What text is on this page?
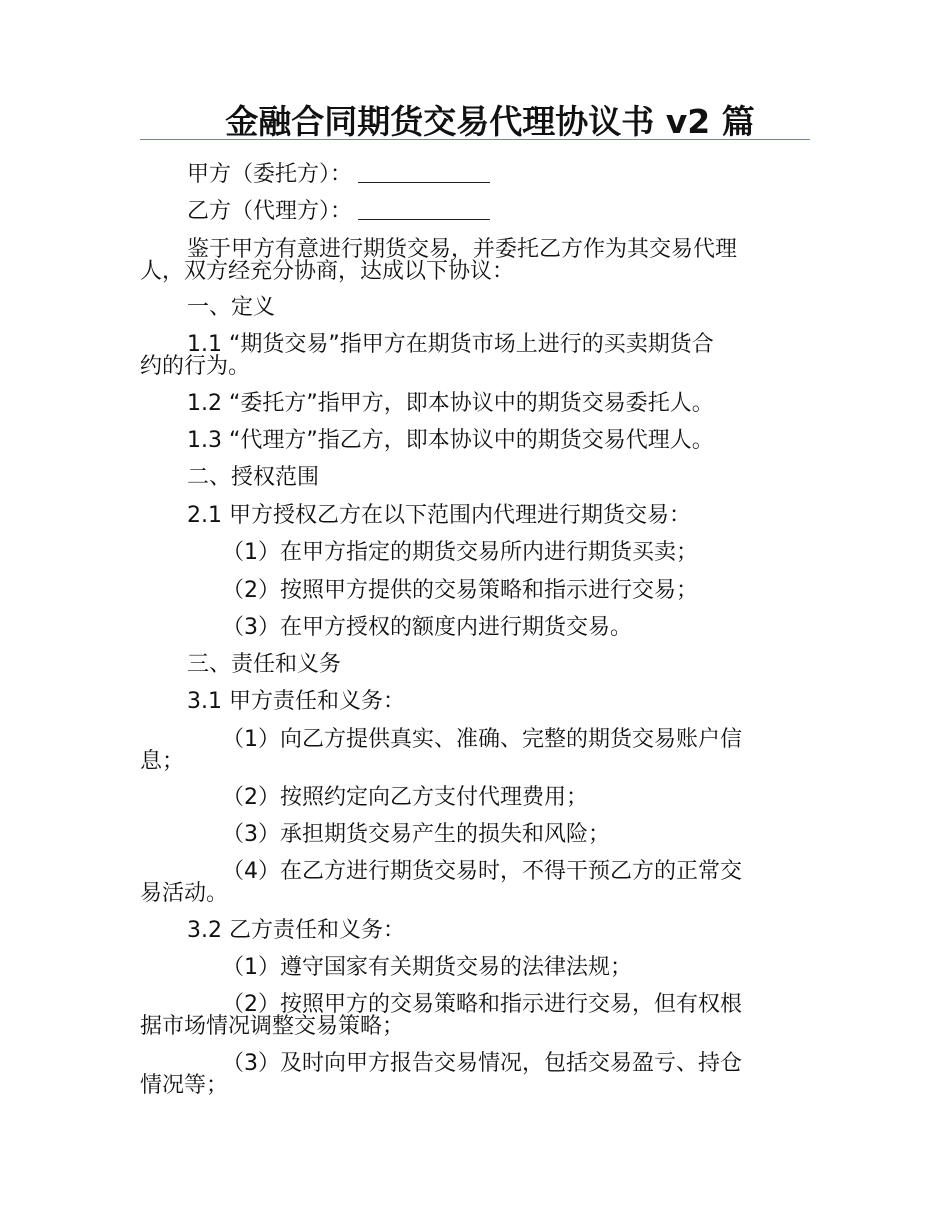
金融合同期货交易代理协议书 v2 篇
甲方（委托方）：
乙方（代理方）：
鉴于甲方有意进行期货交易，并委托乙方作为其交易代理
人，双方经充分协商，达成以下协议：
一、定义
1.1 “期货交易”指甲方在期货市场上进行的买卖期货合
约的行为。
1.2 “委托方”指甲方，即本协议中的期货交易委托人。
1.3 “代理方”指乙方，即本协议中的期货交易代理人。
二、授权范围
2.1 甲方授权乙方在以下范围内代理进行期货交易：
（1）在甲方指定的期货交易所内进行期货买卖；
（2）按照甲方提供的交易策略和指示进行交易；
（3）在甲方授权的额度内进行期货交易。
三、责任和义务
3.1 甲方责任和义务：
（1）向乙方提供真实、准确、完整的期货交易账户信
息；
（2）按照约定向乙方支付代理费用；
（3）承担期货交易产生的损失和风险；
（4）在乙方进行期货交易时，不得干预乙方的正常交
易活动。
3.2 乙方责任和义务：
（1）遵守国家有关期货交易的法律法规；
（2）按照甲方的交易策略和指示进行交易，但有权根
据市场情况调整交易策略；
（3）及时向甲方报告交易情况，包括交易盈亏、持仓
情况等；
